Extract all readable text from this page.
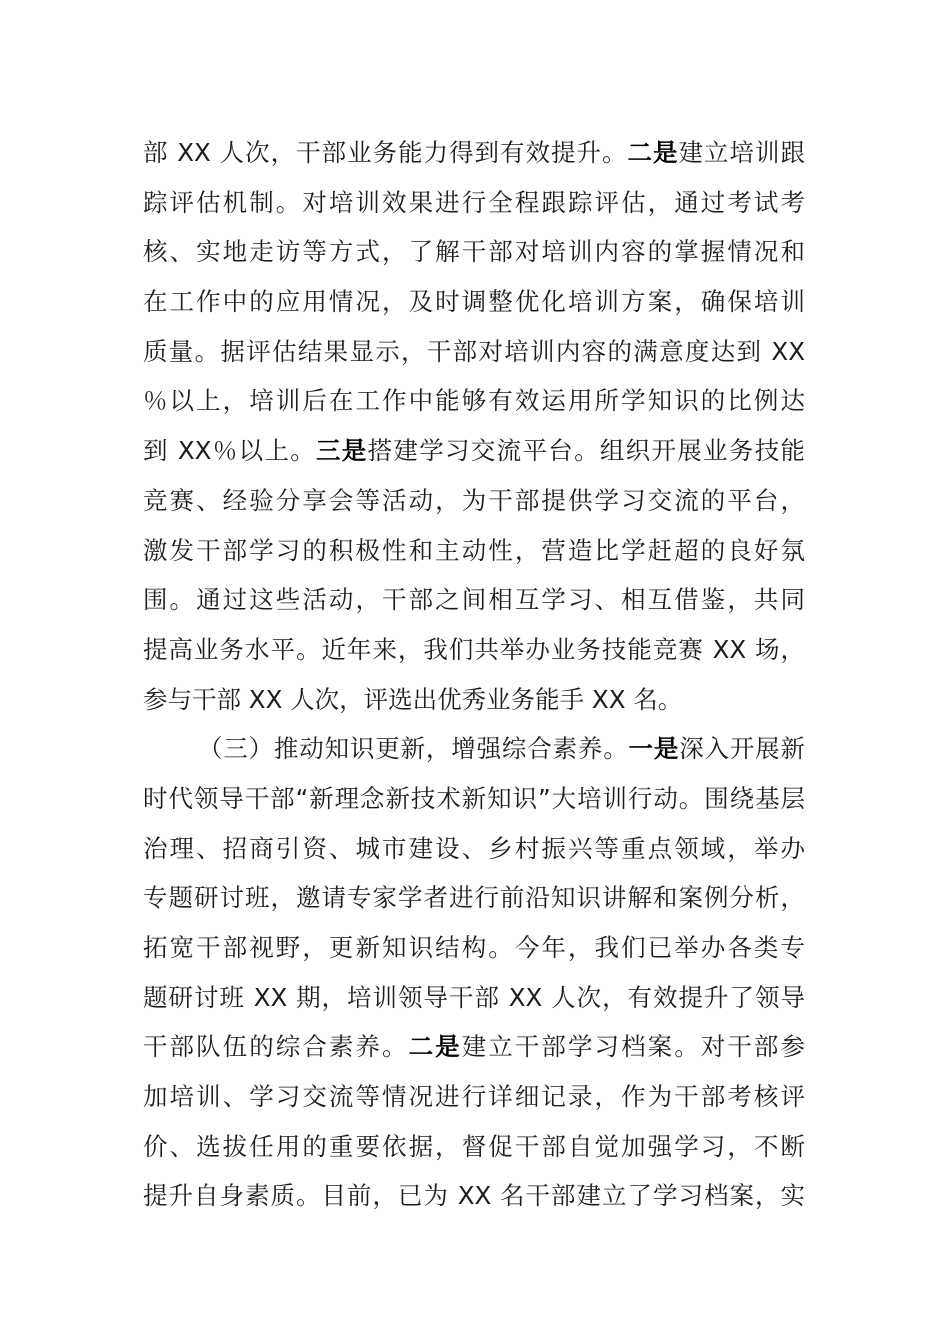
部 XX 人次，干部业务能力得到有效提升。二是建立培训跟
踪评估机制。对培训效果进行全程跟踪评估，通过考试考
核、实地走访等方式，了解干部对培训内容的掌握情况和
在工作中的应用情况，及时调整优化培训方案，确保培训
质量。据评估结果显示，干部对培训内容的满意度达到 XX
％以上，培训后在工作中能够有效运用所学知识的比例达
到 XX％以上。三是搭建学习交流平台。组织开展业务技能
竞赛、经验分享会等活动，为干部提供学习交流的平台，
激发干部学习的积极性和主动性，营造比学赶超的良好氛
围。通过这些活动，干部之间相互学习、相互借鉴，共同
提高业务水平。近年来，我们共举办业务技能竞赛 XX 场，
参与干部 XX 人次，评选出优秀业务能手 XX 名。
（三）推动知识更新，增强综合素养。一是深入开展新
时代领导干部“新理念新技术新知识”大培训行动。围绕基层
治理、招商引资、城市建设、乡村振兴等重点领域，举办
专题研讨班，邀请专家学者进行前沿知识讲解和案例分析，
拓宽干部视野，更新知识结构。今年，我们已举办各类专
题研讨班 XX 期，培训领导干部 XX 人次，有效提升了领导
干部队伍的综合素养。二是建立干部学习档案。对干部参
加培训、学习交流等情况进行详细记录，作为干部考核评
价、选拔任用的重要依据，督促干部自觉加强学习，不断
提升自身素质。目前，已为 XX 名干部建立了学习档案，实
